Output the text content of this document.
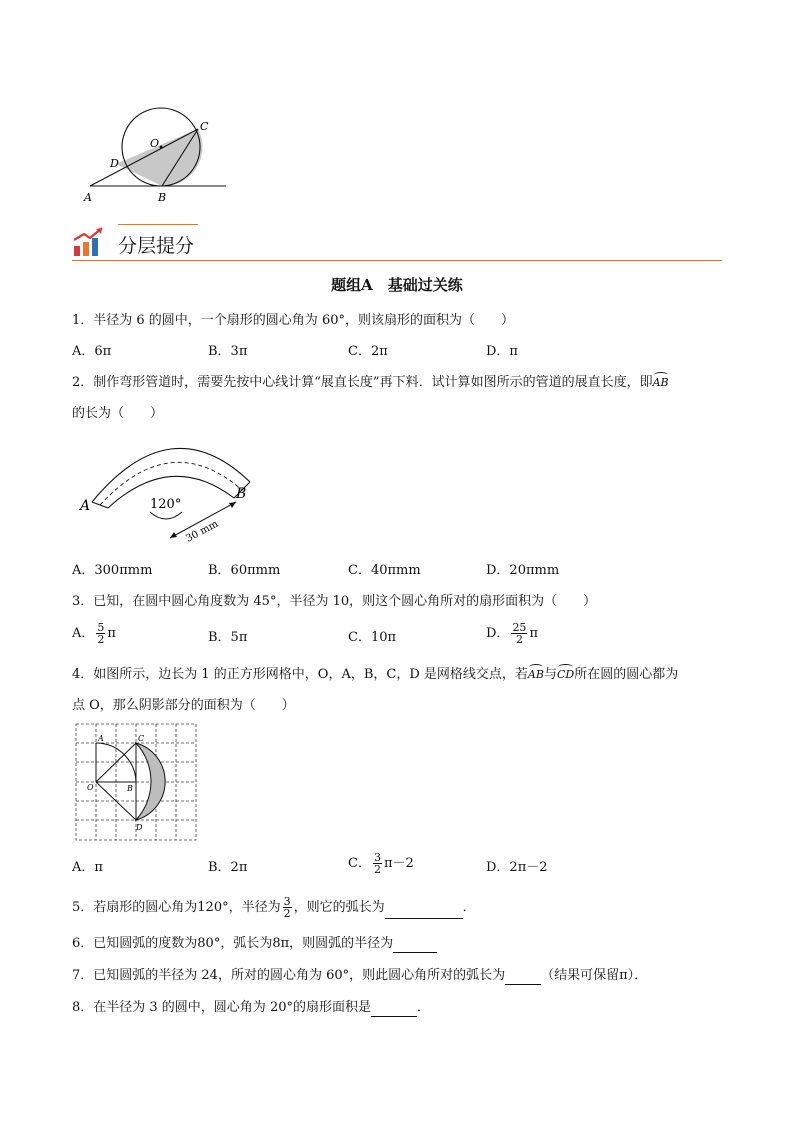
O
C
D
A	B
分层提分
题组A　基础过关练
1．半径为 6 的圆中，一个扇形的圆心角为 60°，则该扇形的面积为（　　）
A．6π	B．3π	C．2π	D．π
2．制作弯形管道时，需要先按中心线计算“展直长度”再下料．试计算如图所示的管道的展直长度，即AB
的长为（　　）
120°
A
B
30 mm
A．300πmm	B．60πmm	C．40πmm	D．20πmm
3．已知，在圆中圆心角度数为 45°，半径为 10，则这个圆心角所对的扇形面积为（　　）
A． $\frac{5}{2}$ π	B．5π	C．10π	D． $\frac{25}{2}$ π
4．如图所示，边长为 1 的正方形网格中，O，A，B，C，D 是网格线交点，若AB与CD所在圆的圆心都为
点 O，那么阴影部分的面积为（　　）
A	C
O	B
D
A．π	B．2π	C． $\frac{3}{2} \pi-2$	D．2π－2
5．若扇形的圆心角为120°，半径为 $\frac{3}{2}$ ，则它的弧长为	．
6．已知圆弧的度数为80°，弧长为8π，则圆弧的半径为
7．已知圆弧的半径为 24，所对的圆心角为 60°，则此圆心角所对的弧长为	（结果可保留π）．
8．在半径为 3 的圆中，圆心角为 20°的扇形面积是	．
